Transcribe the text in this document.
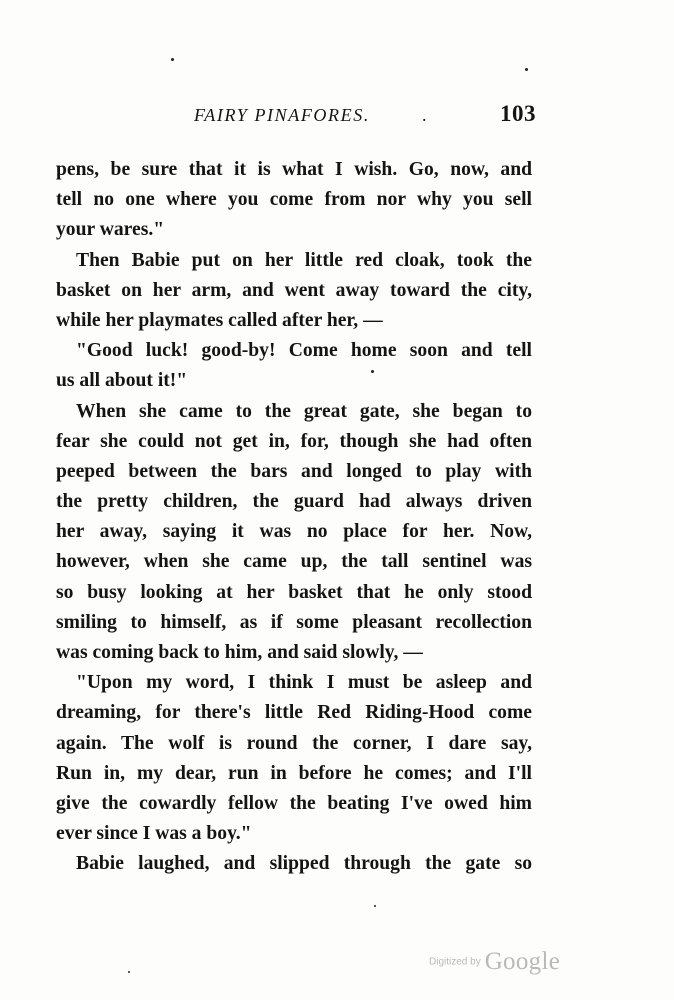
FAIRY PINAFORES.	.	103
pens, be sure that it is what I wish. Go, now, and
tell no one where you come from nor why you sell
your wares."
Then Babie put on her little red cloak, took the
basket on her arm, and went away toward the city,
while her playmates called after her, —
"Good luck! good-by! Come home soon and tell
us all about it!"
When she came to the great gate, she began to
fear she could not get in, for, though she had often
peeped between the bars and longed to play with
the pretty children, the guard had always driven
her away, saying it was no place for her. Now,
however, when she came up, the tall sentinel was
so busy looking at her basket that he only stood
smiling to himself, as if some pleasant recollection
was coming back to him, and said slowly, —
"Upon my word, I think I must be asleep and
dreaming, for there's little Red Riding-Hood come
again. The wolf is round the corner, I dare say,
Run in, my dear, run in before he comes; and I'll
give the cowardly fellow the beating I've owed him
ever since I was a boy."
Babie laughed, and slipped through the gate so
Digitized by Google
